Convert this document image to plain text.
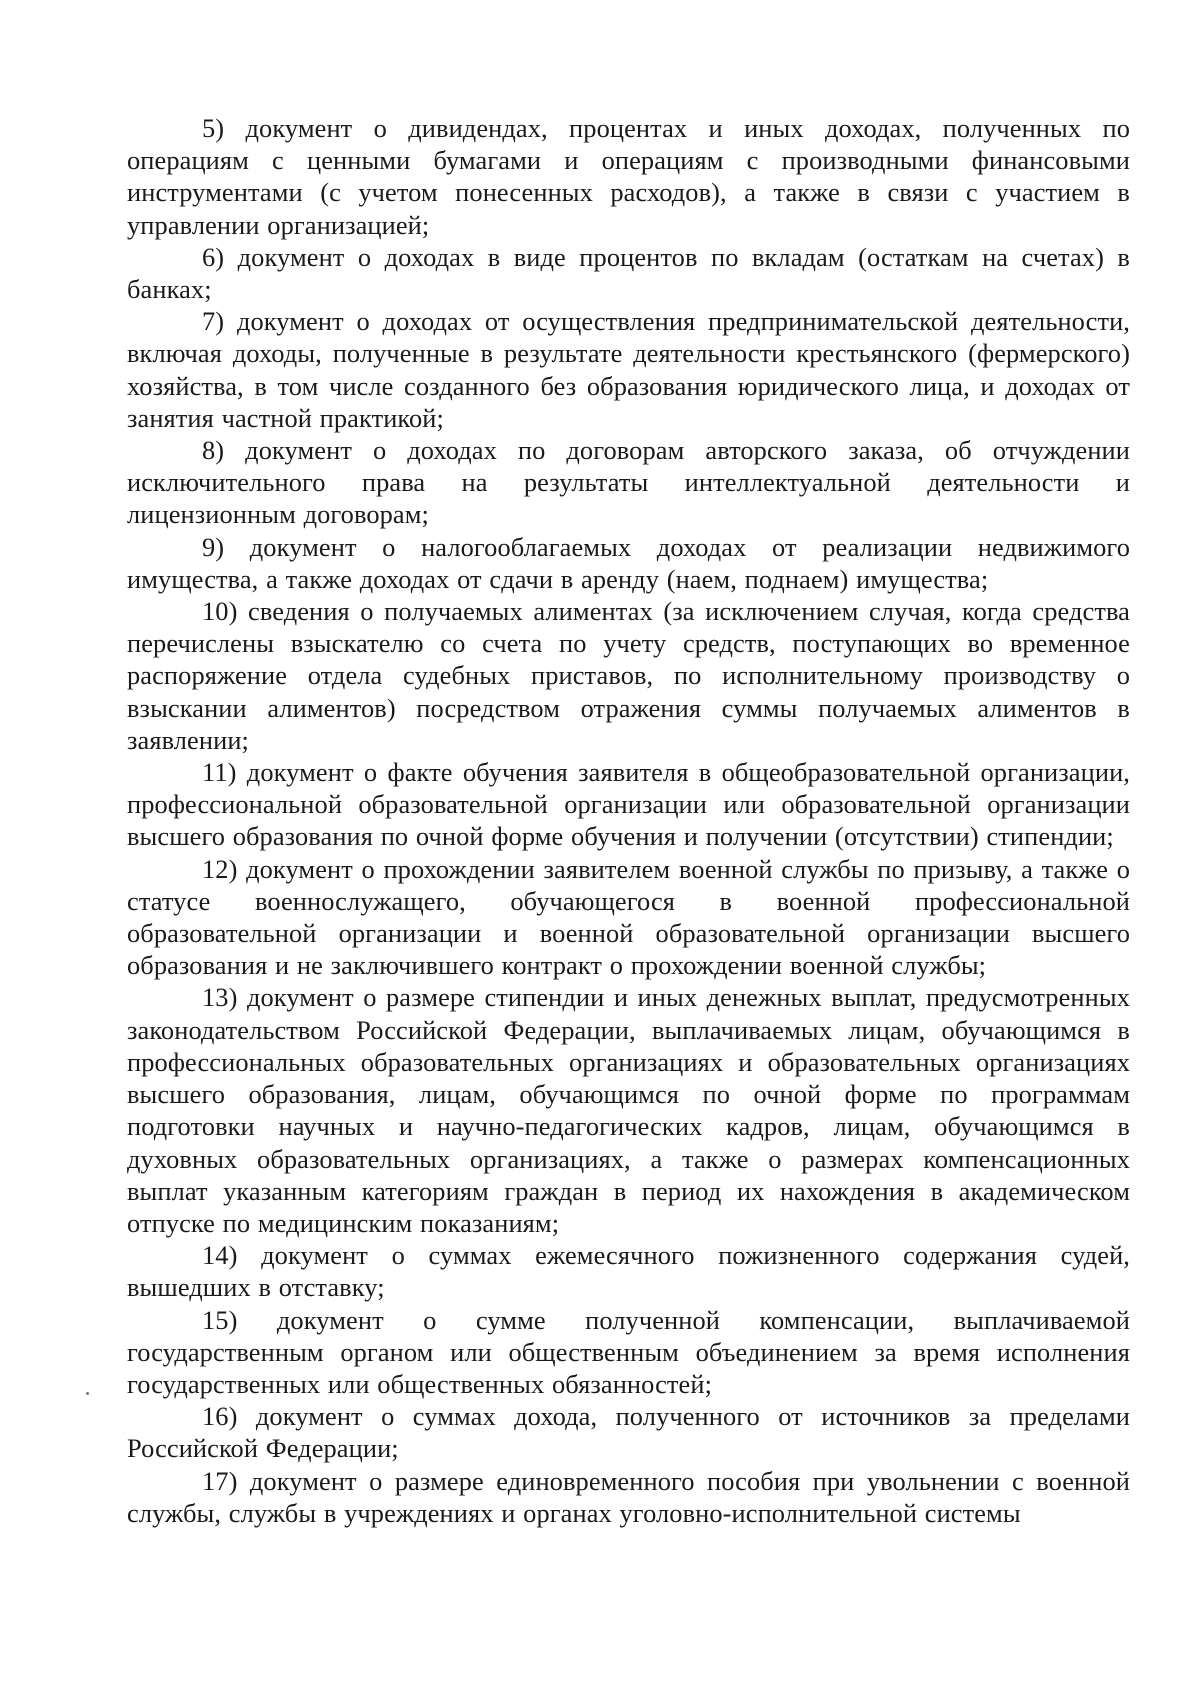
5) документ о дивидендах, процентах и иных доходах, полученных по операциям с ценными бумагами и операциям с производными финансовыми инструментами (с учетом понесенных расходов), а также в связи с участием в управлении организацией;

6) документ о доходах в виде процентов по вкладам (остаткам на счетах) в банках;

7) документ о доходах от осуществления предпринимательской деятельности, включая доходы, полученные в результате деятельности крестьянского (фермерского) хозяйства, в том числе созданного без образования юридического лица, и доходах от занятия частной практикой;

8) документ о доходах по договорам авторского заказа, об отчуждении исключительного права на результаты интеллектуальной деятельности и лицензионным договорам;

9) документ о налогооблагаемых доходах от реализации недвижимого имущества, а также доходах от сдачи в аренду (наем, поднаем) имущества;

10) сведения о получаемых алиментах (за исключением случая, когда средства перечислены взыскателю со счета по учету средств, поступающих во временное распоряжение отдела судебных приставов, по исполнительному производству о взыскании алиментов) посредством отражения суммы получаемых алиментов в заявлении;

11) документ о факте обучения заявителя в общеобразовательной организации, профессиональной образовательной организации или образовательной организации высшего образования по очной форме обучения и получении (отсутствии) стипендии;

12) документ о прохождении заявителем военной службы по призыву, а также о статусе военнослужащего, обучающегося в военной профессиональной образовательной организации и военной образовательной организации высшего образования и не заключившего контракт о прохождении военной службы;

13) документ о размере стипендии и иных денежных выплат, предусмотренных законодательством Российской Федерации, выплачиваемых лицам, обучающимся в профессиональных образовательных организациях и образовательных организациях высшего образования, лицам, обучающимся по очной форме по программам подготовки научных и научно-педагогических кадров, лицам, обучающимся в духовных образовательных организациях, а также о размерах компенсационных выплат указанным категориям граждан в период их нахождения в академическом отпуске по медицинским показаниям;

14) документ о суммах ежемесячного пожизненного содержания судей, вышедших в отставку;

15) документ о сумме полученной компенсации, выплачиваемой государственным органом или общественным объединением за время исполнения государственных или общественных обязанностей;

16) документ о суммах дохода, полученного от источников за пределами Российской Федерации;

17) документ о размере единовременного пособия при увольнении с военной службы, службы в учреждениях и органах уголовно-исполнительной системы
